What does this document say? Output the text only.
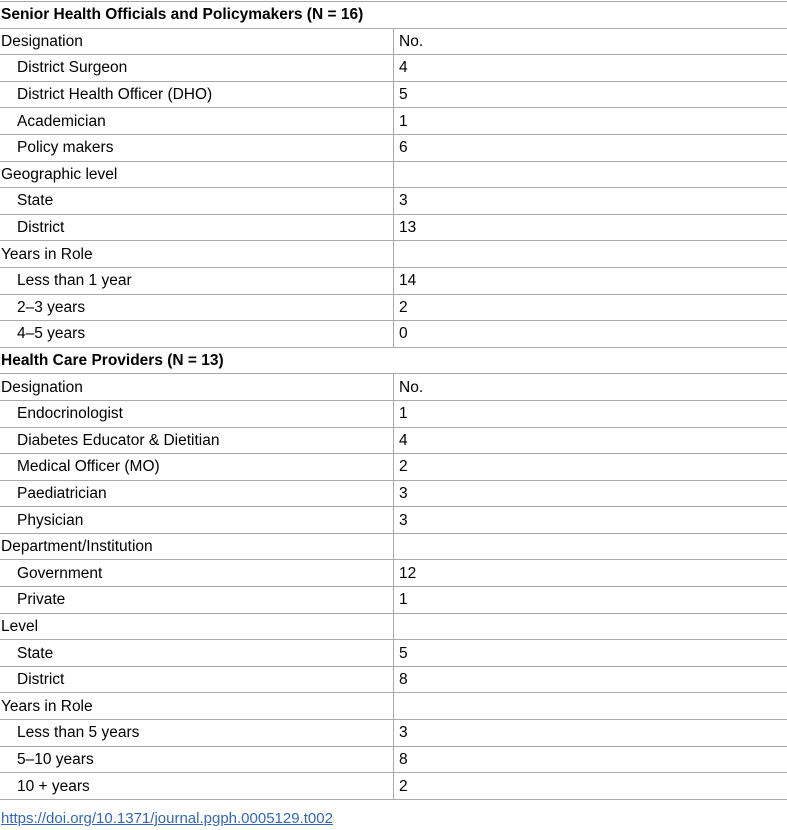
Senior Health Officials and Policymakers (N = 16)	
Designation	No.
District Surgeon	4
District Health Officer (DHO)	5
Academician	1
Policy makers	6
Geographic level	
State	3
District	13
Years in Role	
Less than 1 year	14
2–3 years	2
4–5 years	0
Health Care Providers (N = 13)	
Designation	No.
Endocrinologist	1
Diabetes Educator & Dietitian	4
Medical Officer (MO)	2
Paediatrician	3
Physician	3
Department/Institution	
Government	12
Private	1
Level	
State	5
District	8
Years in Role	
Less than 5 years	3
5–10 years	8
10 + years	2
https://doi.org/10.1371/journal.pgph.0005129.t002
